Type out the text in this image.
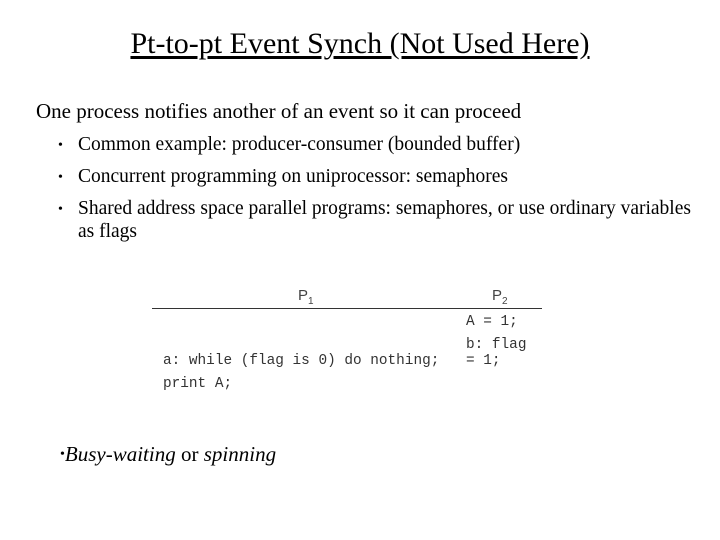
Pt-to-pt Event Synch (Not Used Here)
One process notifies another of an event so it can proceed
• Common example: producer-consumer (bounded buffer)
• Concurrent programming on uniprocessor: semaphores
• Shared address space parallel programs: semaphores, or use ordinary variables as flags
$P_1$	$P_2$
A = 1;
b: flag
a: while (flag is 0) do nothing; = 1;
print A;
•Busy-waiting or spinning
